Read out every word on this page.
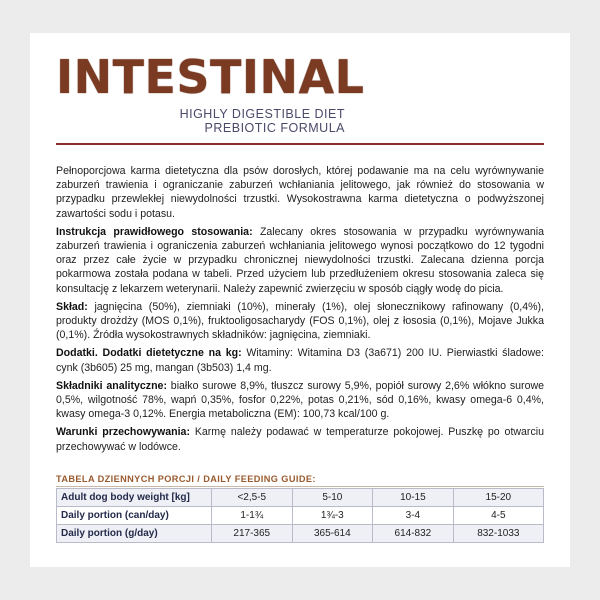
INTESTINAL
HIGHLY DIGESTIBLE DIET
PREBIOTIC FORMULA

Pełnoporcjowa karma dietetyczna dla psów dorosłych, której podawanie ma na celu wyrównywanie zaburzeń trawienia i ograniczanie zaburzeń wchłaniania jelitowego, jak również do stosowania w przypadku przewlekłej niewydolności trzustki. Wysokostrawna karma dietetyczna o podwyższonej zawartości sodu i potasu.

Instrukcja prawidłowego stosowania: Zalecany okres stosowania w przypadku wyrównywania zaburzeń trawienia i ograniczenia zaburzeń wchłaniania jelitowego wynosi początkowo do 12 tygodni oraz przez całe życie w przypadku chronicznej niewydolności trzustki. Zalecana dzienna porcja pokarmowa została podana w tabeli. Przed użyciem lub przedłużeniem okresu stosowania zaleca się konsultację z lekarzem weterynarii. Należy zapewnić zwierzęciu w sposób ciągły wodę do picia.

Skład: jagnięcina (50%), ziemniaki (10%), minerały (1%), olej słonecznikowy rafinowany (0,4%), produkty drożdży (MOS 0,1%), fruktooligosacharydy (FOS 0,1%), olej z łososia (0,1%), Mojave Jukka (0,1%). Źródła wysokostrawnych składników: jagnięcina, ziemniaki.

Dodatki. Dodatki dietetyczne na kg: Witaminy: Witamina D3 (3a671) 200 IU. Pierwiastki śladowe: cynk (3b605) 25 mg, mangan (3b503) 1,4 mg.

Składniki analityczne: białko surowe 8,9%, tłuszcz surowy 5,9%, popiół surowy 2,6% włókno surowe 0,5%, wilgotność 78%, wapń 0,35%, fosfor 0,22%, potas 0,21%, sód 0,16%, kwasy omega-6 0,4%, kwasy omega-3 0,12%. Energia metaboliczna (EM): 100,73 kcal/100 g.

Warunki przechowywania: Karmę należy podawać w temperaturze pokojowej. Puszkę po otwarciu przechowywać w lodówce.

TABELA DZIENNYCH PORCJI / DAILY FEEDING GUIDE:
Adult dog body weight [kg]	<2,5-5	5-10	10-15	15-20
Daily portion (can/day)	1-1¾	1¾-3	3-4	4-5
Daily portion (g/day)	217-365	365-614	614-832	832-1033
